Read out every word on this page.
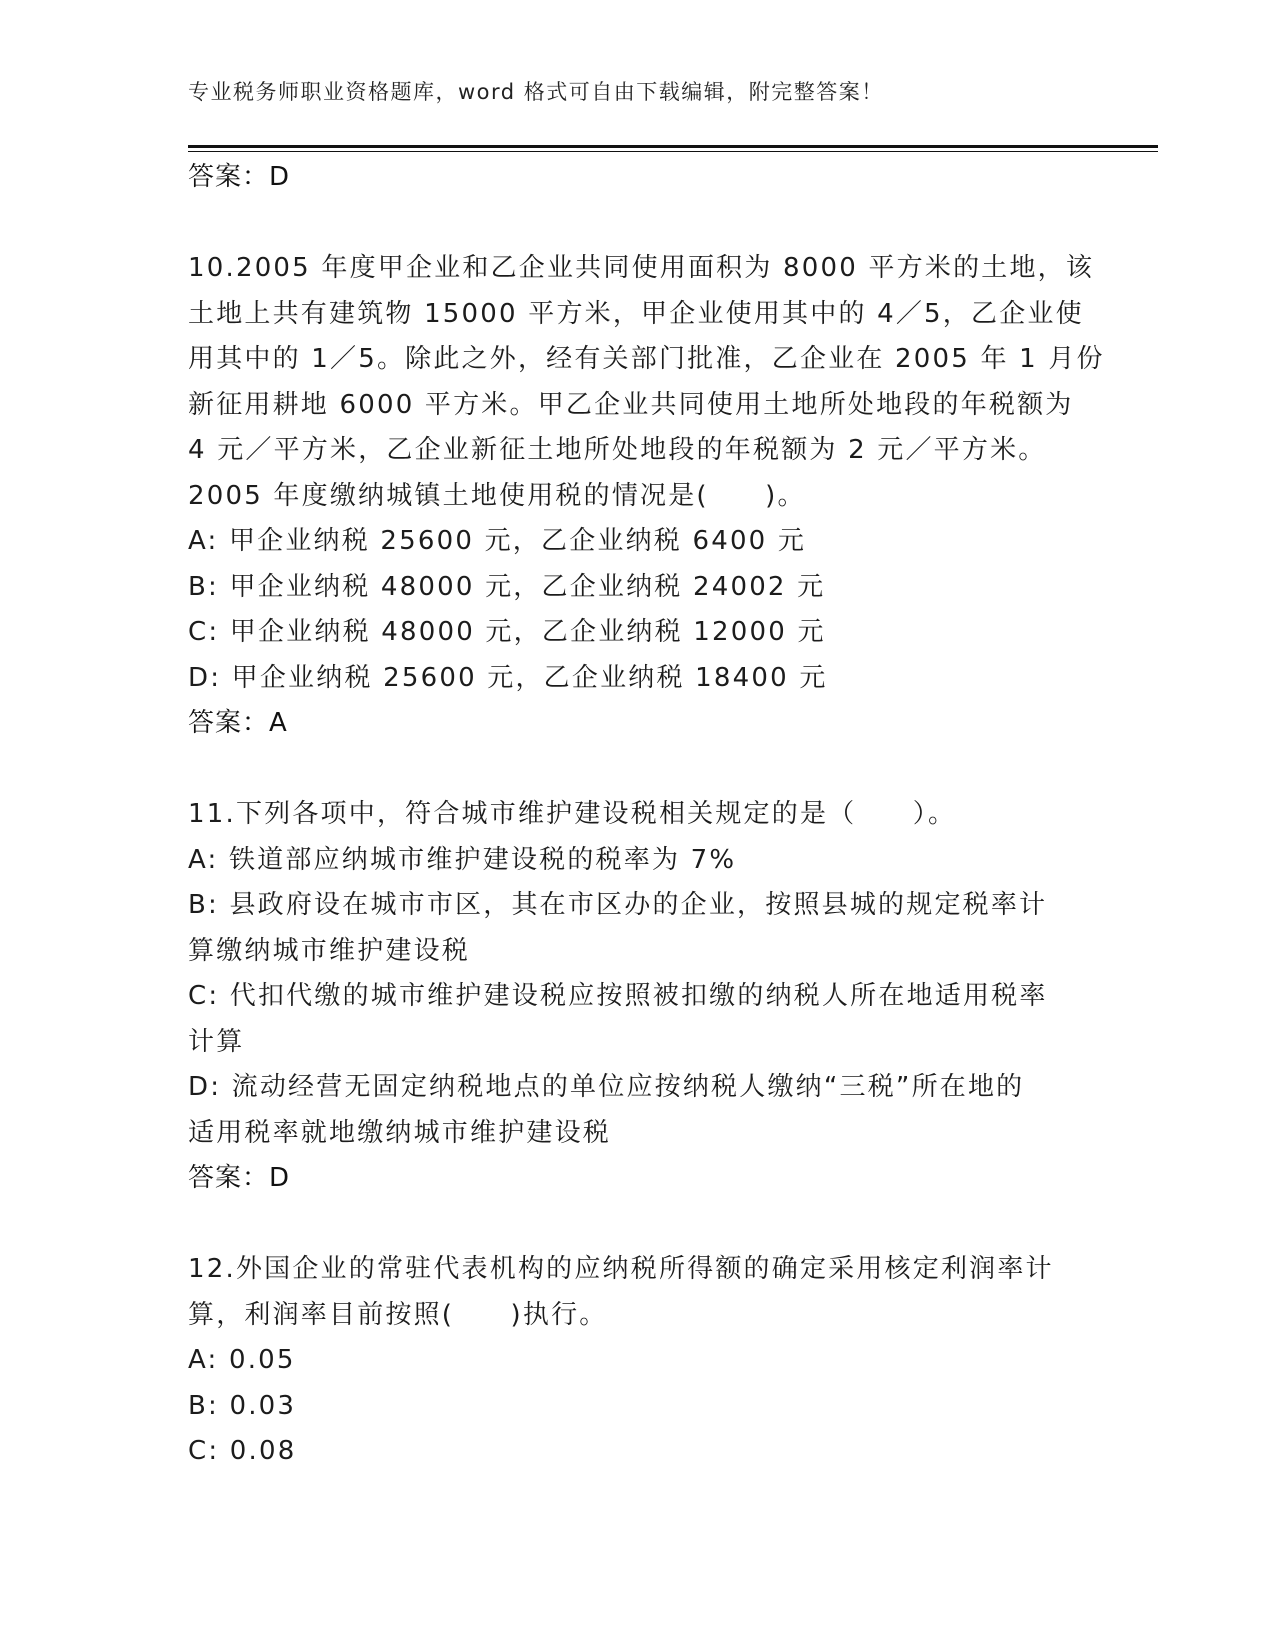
专业税务师职业资格题库，word 格式可自由下载编辑，附完整答案！
答案：D
10.2005 年度甲企业和乙企业共同使用面积为 8000 平方米的土地，该
土地上共有建筑物 15000 平方米，甲企业使用其中的 4／5，乙企业使
用其中的 1／5。除此之外，经有关部门批准，乙企业在 2005 年 1 月份
新征用耕地 6000 平方米。甲乙企业共同使用土地所处地段的年税额为
4 元／平方米，乙企业新征土地所处地段的年税额为 2 元／平方米。
2005 年度缴纳城镇土地使用税的情况是(　　)。
A: 甲企业纳税 25600 元，乙企业纳税 6400 元
B: 甲企业纳税 48000 元，乙企业纳税 24002 元
C: 甲企业纳税 48000 元，乙企业纳税 12000 元
D: 甲企业纳税 25600 元，乙企业纳税 18400 元
答案：A
11.下列各项中，符合城市维护建设税相关规定的是（　　）。
A: 铁道部应纳城市维护建设税的税率为 7%
B: 县政府设在城市市区，其在市区办的企业，按照县城的规定税率计
算缴纳城市维护建设税
C: 代扣代缴的城市维护建设税应按照被扣缴的纳税人所在地适用税率
计算
D: 流动经营无固定纳税地点的单位应按纳税人缴纳“三税”所在地的
适用税率就地缴纳城市维护建设税
答案：D
12.外国企业的常驻代表机构的应纳税所得额的确定采用核定利润率计
算，利润率目前按照(　　)执行。
A: 0.05
B: 0.03
C: 0.08
